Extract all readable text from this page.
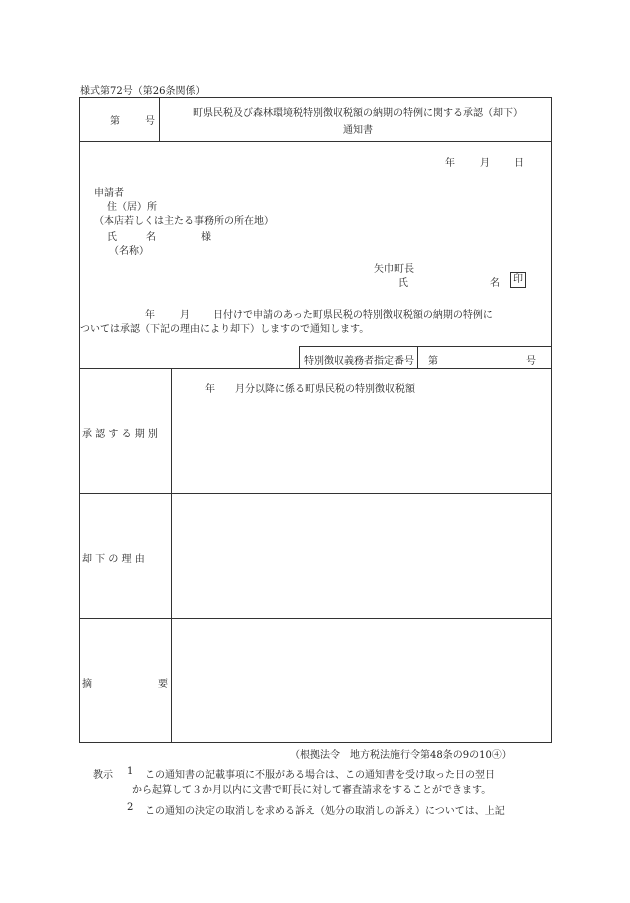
様式第72号（第26条関係）
第	号
町県民税及び森林環境税特別徴収税額の納期の特例に関する承認（却下）
通知書
年	月 日
申請者
住（居）所
（本店若しくは主たる事務所の所在地）
氏	名	様
（名称）
矢巾町長
氏	名	印
年	月 日付けで申請のあった町県民税の特別徴収税額の納期の特例に
ついては承認（下記の理由により却下）しますので通知します。
特別徴収義務者指定番号 第	号
承 認 す る 期 別
年 月分以降に係る町県民税の特別徴収税額
却 下 の 理 由
摘	要
（根拠法令　地方税法施行令第48条の9の10④）
教示 1 この通知書の記載事項に不服がある場合は、この通知書を受け取った日の翌日
から起算して３か月以内に文書で町長に対して審査請求をすることができます。
2 この通知の決定の取消しを求める訴え（処分の取消しの訴え）については、上記
